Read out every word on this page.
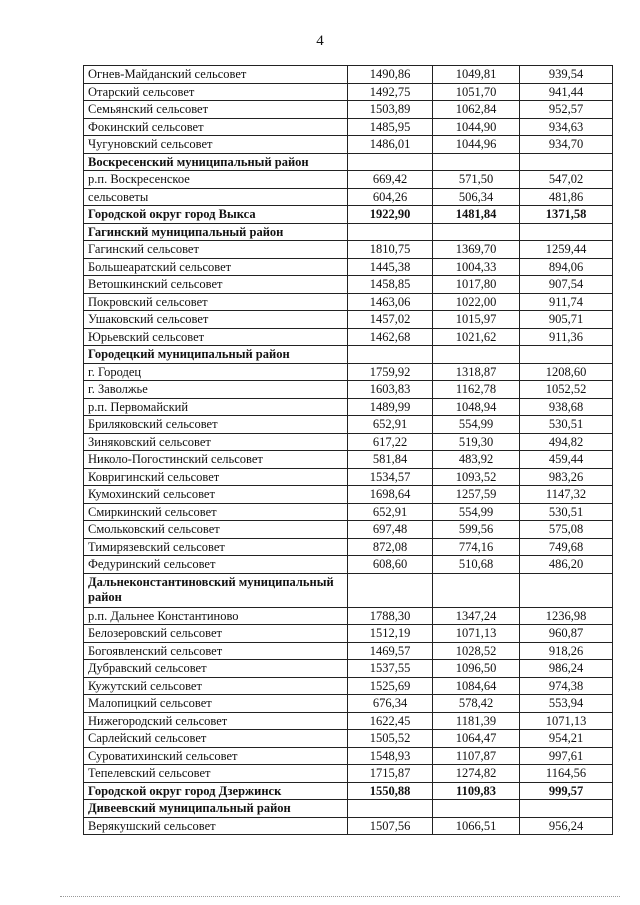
4
Огнев-Майданский сельсовет	1490,86	1049,81	939,54
Отарский сельсовет	1492,75	1051,70	941,44
Семьянский сельсовет	1503,89	1062,84	952,57
Фокинский сельсовет	1485,95	1044,90	934,63
Чугуновский сельсовет	1486,01	1044,96	934,70
Воскресенский муниципальный район			
р.п. Воскресенское	669,42	571,50	547,02
сельсоветы	604,26	506,34	481,86
Городской округ город Выкса	1922,90	1481,84	1371,58
Гагинский муниципальный район			
Гагинский сельсовет	1810,75	1369,70	1259,44
Большеаратский сельсовет	1445,38	1004,33	894,06
Ветошкинский сельсовет	1458,85	1017,80	907,54
Покровский сельсовет	1463,06	1022,00	911,74
Ушаковский сельсовет	1457,02	1015,97	905,71
Юрьевский сельсовет	1462,68	1021,62	911,36
Городецкий муниципальный район			
г. Городец	1759,92	1318,87	1208,60
г. Заволжье	1603,83	1162,78	1052,52
р.п. Первомайский	1489,99	1048,94	938,68
Бриляковский сельсовет	652,91	554,99	530,51
Зиняковский сельсовет	617,22	519,30	494,82
Николо-Погостинский сельсовет	581,84	483,92	459,44
Ковригинский сельсовет	1534,57	1093,52	983,26
Кумохинский сельсовет	1698,64	1257,59	1147,32
Смиркинский сельсовет	652,91	554,99	530,51
Смольковский сельсовет	697,48	599,56	575,08
Тимирязевский сельсовет	872,08	774,16	749,68
Федуринский сельсовет	608,60	510,68	486,20
Дальнеконстантиновский муниципальный район			
р.п. Дальнее Константиново	1788,30	1347,24	1236,98
Белозеровский сельсовет	1512,19	1071,13	960,87
Богоявленский сельсовет	1469,57	1028,52	918,26
Дубравский сельсовет	1537,55	1096,50	986,24
Кужутский сельсовет	1525,69	1084,64	974,38
Малопицкий сельсовет	676,34	578,42	553,94
Нижегородский сельсовет	1622,45	1181,39	1071,13
Сарлейский сельсовет	1505,52	1064,47	954,21
Суроватихинский сельсовет	1548,93	1107,87	997,61
Тепелевский сельсовет	1715,87	1274,82	1164,56
Городской округ город Дзержинск	1550,88	1109,83	999,57
Дивеевский муниципальный район			
Верякушский сельсовет	1507,56	1066,51	956,24
